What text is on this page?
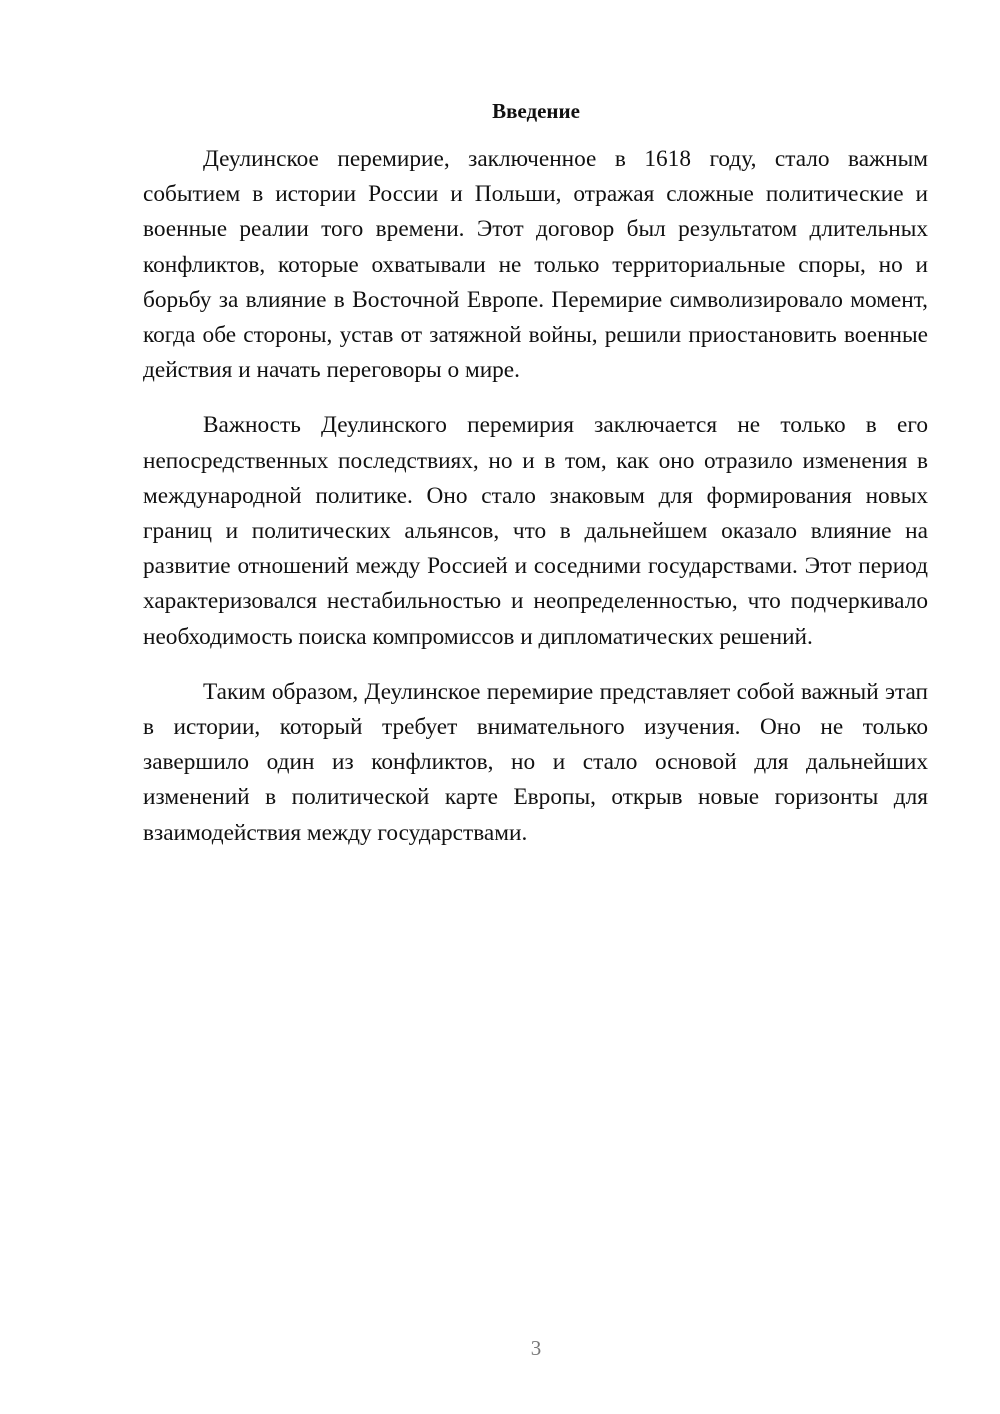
Введение

Деулинское перемирие, заключенное в 1618 году, стало важным событием в истории России и Польши, отражая сложные политические и военные реалии того времени. Этот договор был результатом длительных конфликтов, которые охватывали не только территориальные споры, но и борьбу за влияние в Восточной Европе. Перемирие символизировало момент, когда обе стороны, устав от затяжной войны, решили приостановить военные действия и начать переговоры о мире.

Важность Деулинского перемирия заключается не только в его непосредственных последствиях, но и в том, как оно отразило изменения в международной политике. Оно стало знаковым для формирования новых границ и политических альянсов, что в дальнейшем оказало влияние на развитие отношений между Россией и соседними государствами. Этот период характеризовался нестабильностью и неопределенностью, что подчеркивало необходимость поиска компромиссов и дипломатических решений.

Таким образом, Деулинское перемирие представляет собой важный этап в истории, который требует внимательного изучения. Оно не только завершило один из конфликтов, но и стало основой для дальнейших изменений в политической карте Европы, открыв новые горизонты для взаимодействия между государствами.

3
